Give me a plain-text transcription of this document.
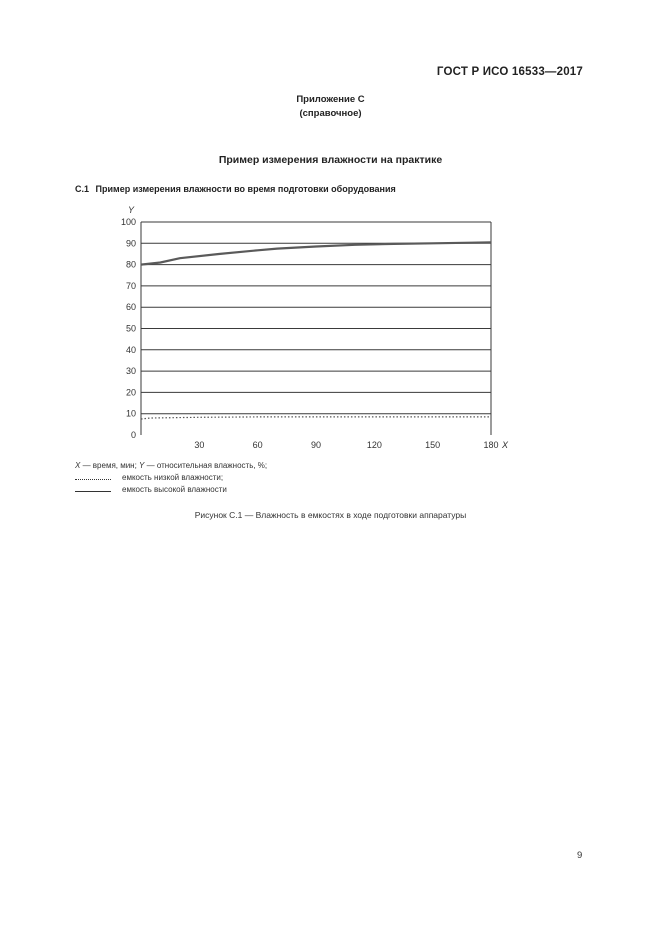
ГОСТ Р ИСО 16533—2017
Приложение С
(справочное)
Пример измерения влажности на практике
С.1 Пример измерения влажности во время подготовки оборудования
0
10
20
30
40
50
60
70
80
90
100
30	60	90	120	150	180
Y
X
X — время, мин; Y — относительная влажность, %;
емкость низкой влажности;
емкость высокой влажности
Рисунок С.1 — Влажность в емкостях в ходе подготовки аппаратуры
9
